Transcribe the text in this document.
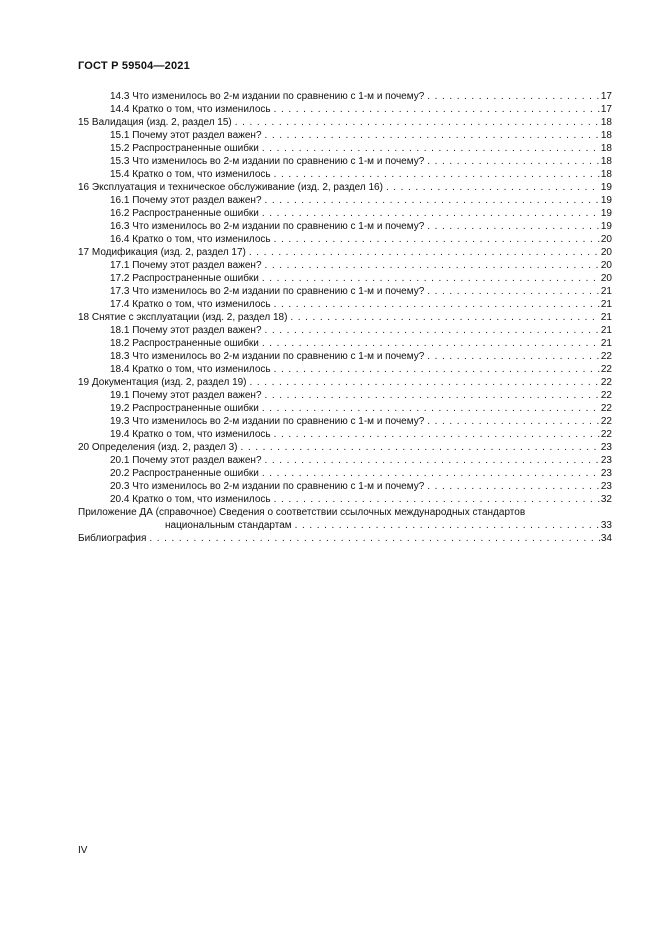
ГОСТ Р 59504—2021
14.3 Что изменилось во 2-м издании по сравнению с 1-м и почему? . . .	17
14.4 Кратко о том, что изменилось . . .	17
15 Валидация (изд. 2, раздел 15) . . .	18
15.1 Почему этот раздел важен? . . .	18
15.2 Распространенные ошибки . . .	18
15.3 Что изменилось во 2-м издании по сравнению с 1-м и почему? . . .	18
15.4 Кратко о том, что изменилось . . .	18
16 Эксплуатация и техническое обслуживание (изд. 2, раздел 16) . . .	19
16.1 Почему этот раздел важен? . . .	19
16.2 Распространенные ошибки . . .	19
16.3 Что изменилось во 2-м издании по сравнению с 1-м и почему? . . .	19
16.4 Кратко о том, что изменилось . . .	20
17 Модификация (изд. 2, раздел 17) . . .	20
17.1 Почему этот раздел важен? . . .	20
17.2 Распространенные ошибки . . .	20
17.3 Что изменилось во 2-м издании по сравнению с 1-м и почему? . . .	21
17.4 Кратко о том, что изменилось . . .	21
18 Снятие с эксплуатации (изд. 2, раздел 18) . . .	21
18.1 Почему этот раздел важен? . . .	21
18.2 Распространенные ошибки . . .	21
18.3 Что изменилось во 2-м издании по сравнению с 1-м и почему? . . .	22
18.4 Кратко о том, что изменилось . . .	22
19 Документация (изд. 2, раздел 19) . . .	22
19.1 Почему этот раздел важен? . . .	22
19.2 Распространенные ошибки . . .	22
19.3 Что изменилось во 2-м издании по сравнению с 1-м и почему? . . .	22
19.4 Кратко о том, что изменилось . . .	22
20 Определения (изд. 2, раздел 3) . . .	23
20.1 Почему этот раздел важен? . . .	23
20.2 Распространенные ошибки . . .	23
20.3 Что изменилось во 2-м издании по сравнению с 1-м и почему? . . .	23
20.4 Кратко о том, что изменилось . . .	32
Приложение ДА (справочное) Сведения о соответствии ссылочных международных стандартов
национальным стандартам . . .	33
Библиография . . .	34
IV
